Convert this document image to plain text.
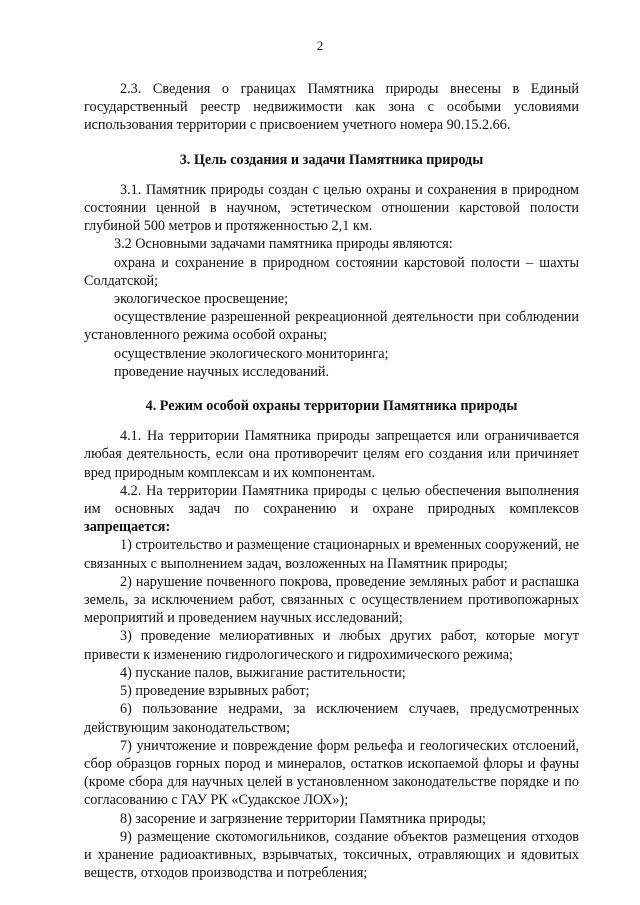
2

2.3. Сведения о границах Памятника природы внесены в Единый государственный реестр недвижимости как зона с особыми условиями использования территории с присвоением учетного номера 90.15.2.66.

3. Цель создания и задачи Памятника природы

3.1. Памятник природы создан с целью охраны и сохранения в природном состоянии ценной в научном, эстетическом отношении карстовой полости глубиной 500 метров и протяженностью 2,1 км.

3.2 Основными задачами памятника природы являются:

охрана и сохранение в природном состоянии карстовой полости – шахты Солдатской;

экологическое просвещение;

осуществление разрешенной рекреационной деятельности при соблюдении установленного режима особой охраны;

осуществление экологического мониторинга;

проведение научных исследований.

4. Режим особой охраны территории Памятника природы

4.1. На территории Памятника природы запрещается или ограничивается любая деятельность, если она противоречит целям его создания или причиняет вред природным комплексам и их компонентам.

4.2. На территории Памятника природы с целью обеспечения выполнения им основных задач по сохранению и охране природных комплексов запрещается:

1) строительство и размещение стационарных и временных сооружений, не связанных с выполнением задач, возложенных на Памятник природы;

2) нарушение почвенного покрова, проведение земляных работ и распашка земель, за исключением работ, связанных с осуществлением противопожарных мероприятий и проведением научных исследований;

3) проведение мелиоративных и любых других работ, которые могут привести к изменению гидрологического и гидрохимического режима;

4) пускание палов, выжигание растительности;

5) проведение взрывных работ;

6) пользование недрами, за исключением случаев, предусмотренных действующим законодательством;

7) уничтожение и повреждение форм рельефа и геологических отслоений, сбор образцов горных пород и минералов, остатков ископаемой флоры и фауны (кроме сбора для научных целей в установленном законодательстве порядке и по согласованию с ГАУ РК «Судакское ЛОХ»);

8) засорение и загрязнение территории Памятника природы;

9) размещение скотомогильников, создание объектов размещения отходов и хранение радиоактивных, взрывчатых, токсичных, отравляющих и ядовитых веществ, отходов производства и потребления;
